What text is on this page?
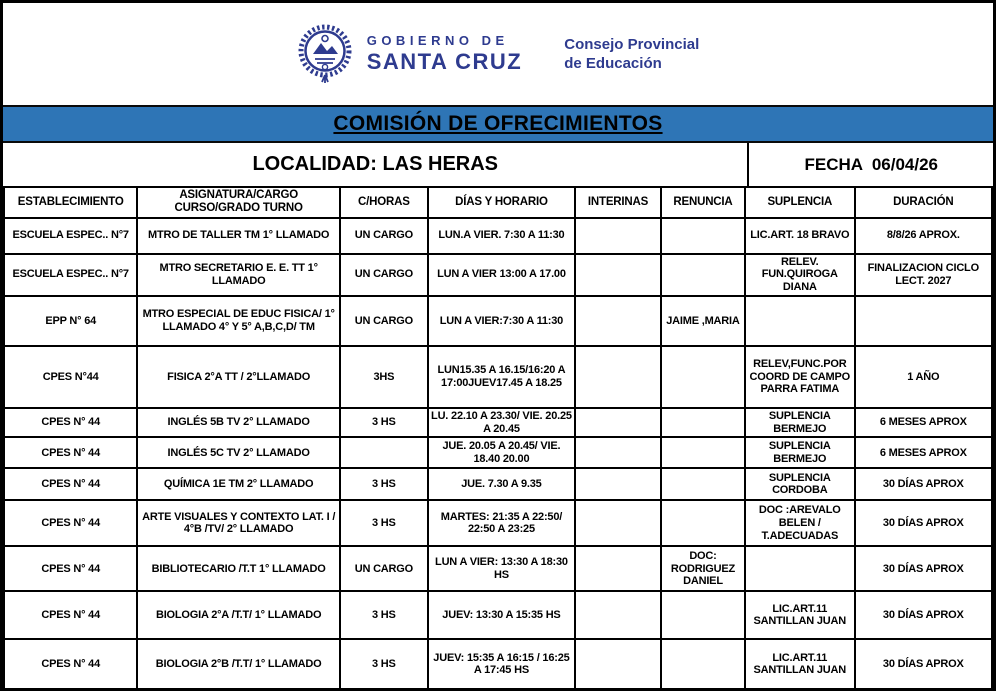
GOBIERNO DE
SANTA CRUZ
Consejo Provincial
de Educación
COMISIÓN DE OFRECIMIENTOS
LOCALIDAD: LAS HERAS	FECHA  06/04/26
ESTABLECIMIENTO	ASIGNATURA/CARGO CURSO/GRADO TURNO	C/HORAS	DÍAS Y HORARIO	INTERINAS	RENUNCIA	SUPLENCIA	DURACIÓN
ESCUELA ESPEC.. N°7	MTRO DE TALLER TM 1° LLAMADO	UN CARGO	LUN.A VIER. 7:30 A 11:30			LIC.ART. 18 BRAVO	8/8/26 APROX.
ESCUELA ESPEC.. N°7	MTRO SECRETARIO E. E. TT 1° LLAMADO	UN CARGO	LUN A VIER 13:00 A 17.00			RELEV. FUN.QUIROGA DIANA	FINALIZACION CICLO LECT. 2027
EPP N° 64	MTRO ESPECIAL DE EDUC FISICA/ 1° LLAMADO 4° Y 5° A,B,C,D/ TM	UN CARGO	LUN A VIER:7:30 A 11:30		JAIME ,MARIA		
CPES N°44	FISICA 2°A TT / 2°LLAMADO	3HS	LUN15.35 A 16.15/16:20 A 17:00JUEV17.45 A 18.25			RELEV,FUNC.POR COORD DE CAMPO PARRA FATIMA	1 AÑO
CPES N° 44	INGLÉS 5B TV 2° LLAMADO	3 HS	LU. 22.10 A 23.30/ VIE. 20.25 A 20.45			SUPLENCIA BERMEJO	6 MESES APROX
CPES N° 44	INGLÉS 5C TV 2° LLAMADO		JUE. 20.05 A 20.45/ VIE. 18.40 20.00			SUPLENCIA BERMEJO	6 MESES APROX
CPES N° 44	QUÍMICA 1E TM 2° LLAMADO	3 HS	JUE. 7.30 A 9.35			SUPLENCIA CORDOBA	30 DÍAS APROX
CPES N° 44	ARTE VISUALES Y CONTEXTO LAT. I / 4°B /TV/ 2° LLAMADO	3 HS	MARTES: 21:35 A 22:50/ 22:50 A 23:25			DOC :AREVALO BELEN / T.ADECUADAS	30 DÍAS APROX
CPES N° 44	BIBLIOTECARIO /T.T 1° LLAMADO	UN CARGO	LUN A VIER: 13:30 A 18:30 HS		DOC: RODRIGUEZ DANIEL		30 DÍAS APROX
CPES N° 44	BIOLOGIA 2°A /T.T/ 1° LLAMADO	3 HS	JUEV: 13:30 A 15:35 HS			LIC.ART.11 SANTILLAN JUAN	30 DÍAS APROX
CPES N° 44	BIOLOGIA 2°B /T.T/ 1° LLAMADO	3 HS	JUEV: 15:35 A 16:15 / 16:25 A 17:45 HS			LIC.ART.11 SANTILLAN JUAN	30 DÍAS APROX
